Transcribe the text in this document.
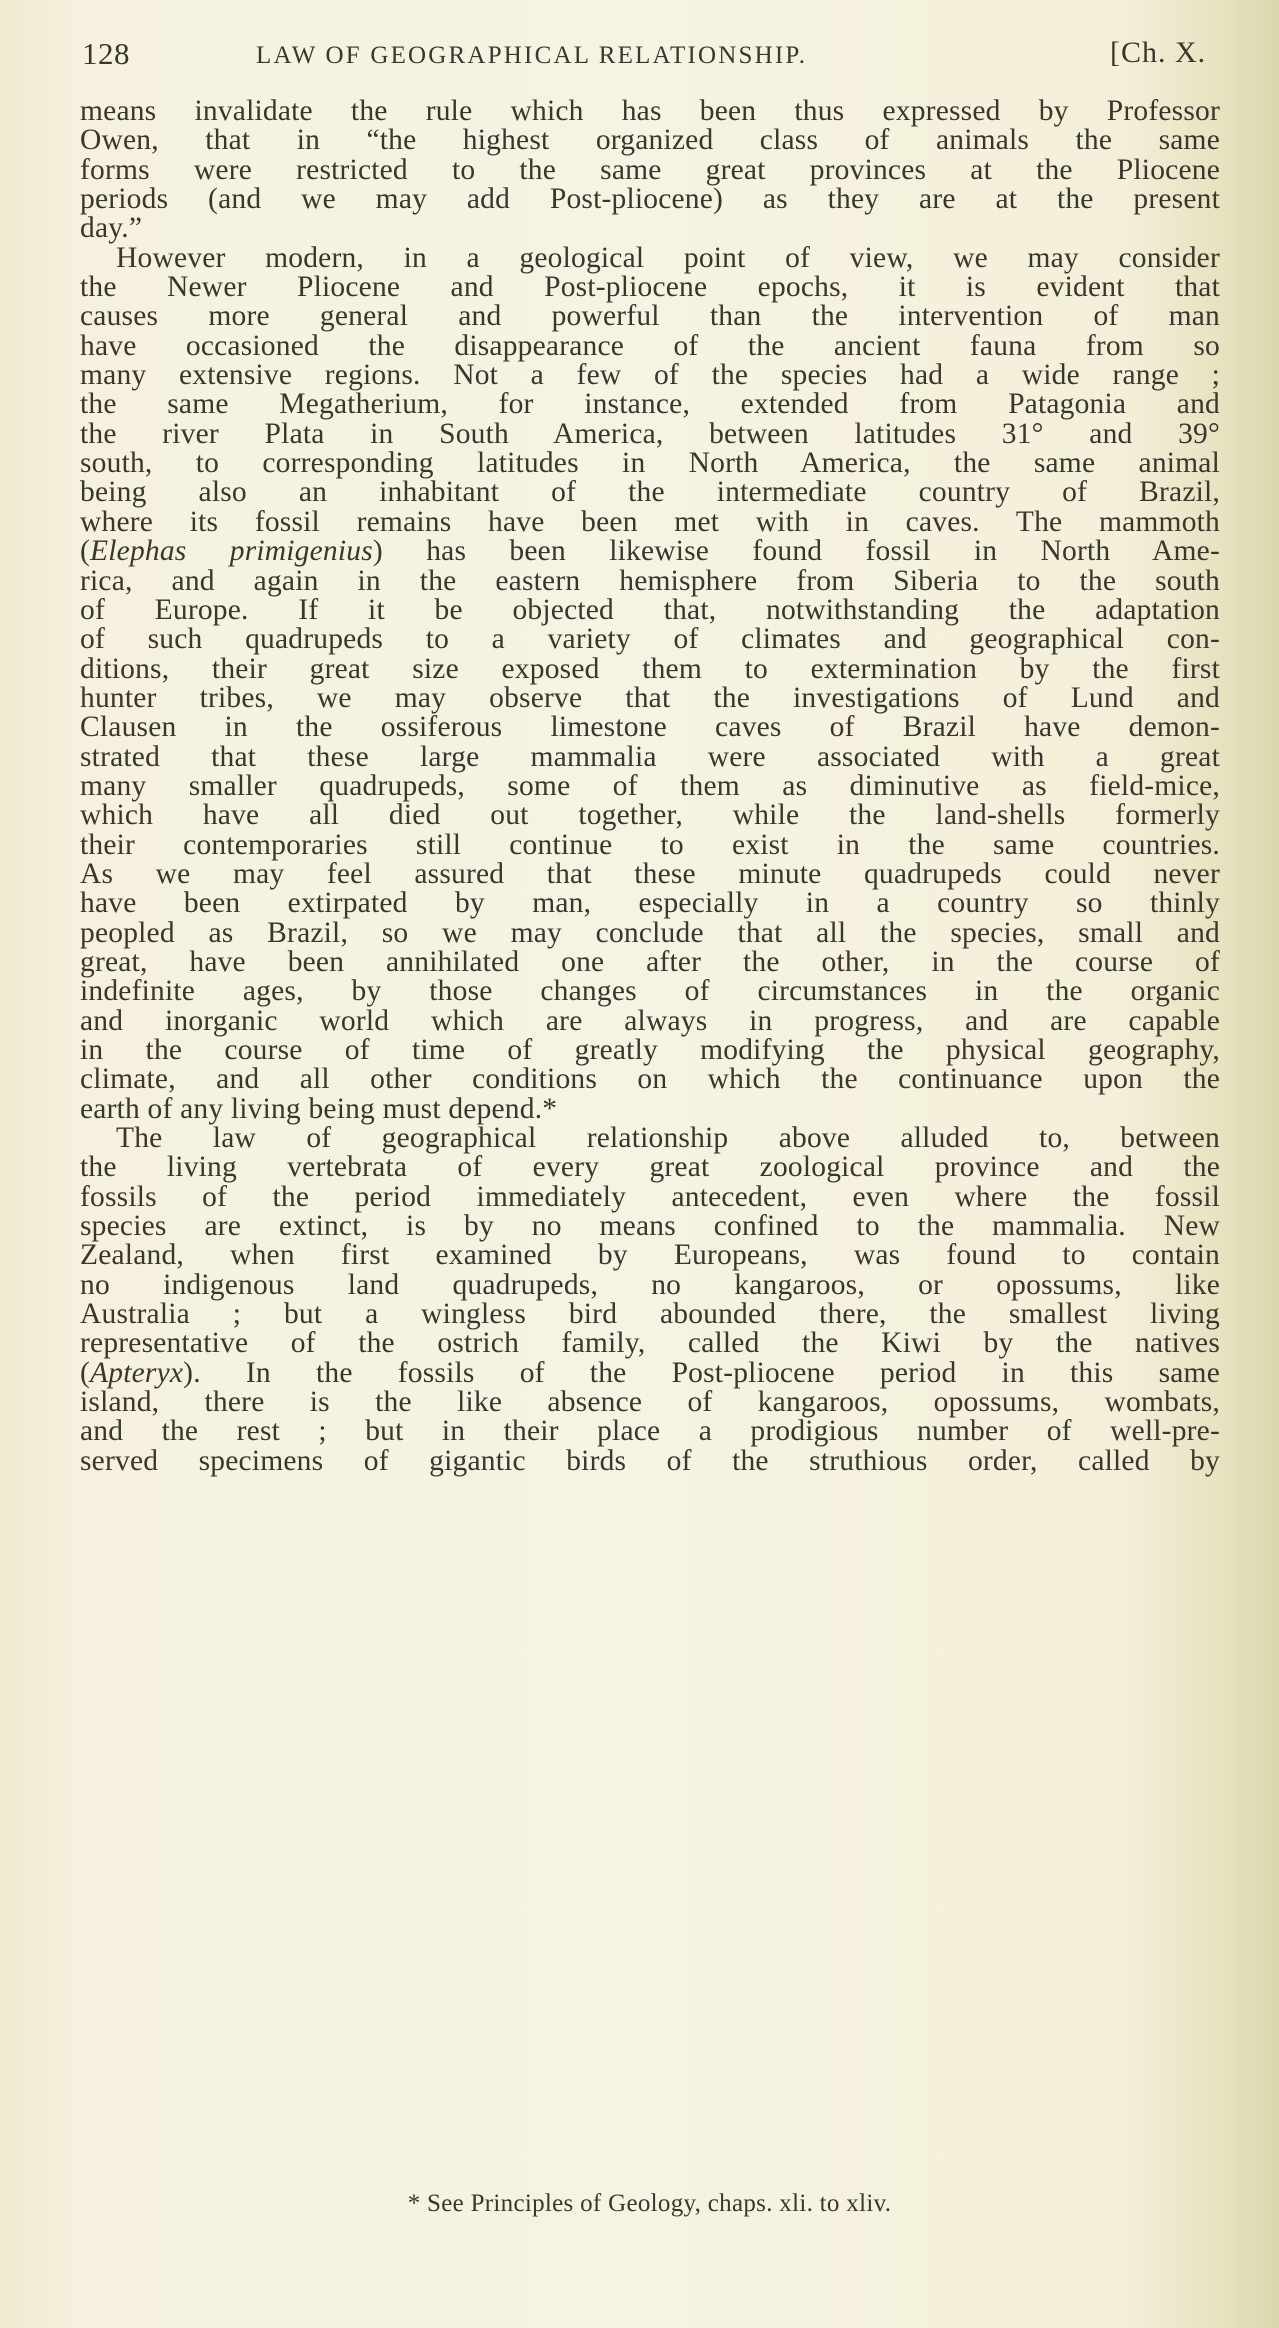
128	LAW OF GEOGRAPHICAL RELATIONSHIP.	[Ch. X.
means invalidate the rule which has been thus expressed by Professor
Owen, that in “the highest organized class of animals the same
forms were restricted to the same great provinces at the Pliocene
periods (and we may add Post-pliocene) as they are at the present
day.”
However modern, in a geological point of view, we may consider
the Newer Pliocene and Post-pliocene epochs, it is evident that
causes more general and powerful than the intervention of man
have occasioned the disappearance of the ancient fauna from so
many extensive regions. Not a few of the species had a wide range ;
the same Megatherium, for instance, extended from Patagonia and
the river Plata in South America, between latitudes 31° and 39°
south, to corresponding latitudes in North America, the same animal
being also an inhabitant of the intermediate country of Brazil,
where its fossil remains have been met with in caves. The mammoth
(Elephas primigenius) has been likewise found fossil in North Ame-
rica, and again in the eastern hemisphere from Siberia to the south
of Europe. If it be objected that, notwithstanding the adaptation
of such quadrupeds to a variety of climates and geographical con-
ditions, their great size exposed them to extermination by the first
hunter tribes, we may observe that the investigations of Lund and
Clausen in the ossiferous limestone caves of Brazil have demon-
strated that these large mammalia were associated with a great
many smaller quadrupeds, some of them as diminutive as field-mice,
which have all died out together, while the land-shells formerly
their contemporaries still continue to exist in the same countries.
As we may feel assured that these minute quadrupeds could never
have been extirpated by man, especially in a country so thinly
peopled as Brazil, so we may conclude that all the species, small and
great, have been annihilated one after the other, in the course of
indefinite ages, by those changes of circumstances in the organic
and inorganic world which are always in progress, and are capable
in the course of time of greatly modifying the physical geography,
climate, and all other conditions on which the continuance upon the
earth of any living being must depend.*
The law of geographical relationship above alluded to, between
the living vertebrata of every great zoological province and the
fossils of the period immediately antecedent, even where the fossil
species are extinct, is by no means confined to the mammalia. New
Zealand, when first examined by Europeans, was found to contain
no indigenous land quadrupeds, no kangaroos, or opossums, like
Australia ; but a wingless bird abounded there, the smallest living
representative of the ostrich family, called the Kiwi by the natives
(Apteryx). In the fossils of the Post-pliocene period in this same
island, there is the like absence of kangaroos, opossums, wombats,
and the rest ; but in their place a prodigious number of well-pre-
served specimens of gigantic birds of the struthious order, called by
* See Principles of Geology, chaps. xli. to xliv.
